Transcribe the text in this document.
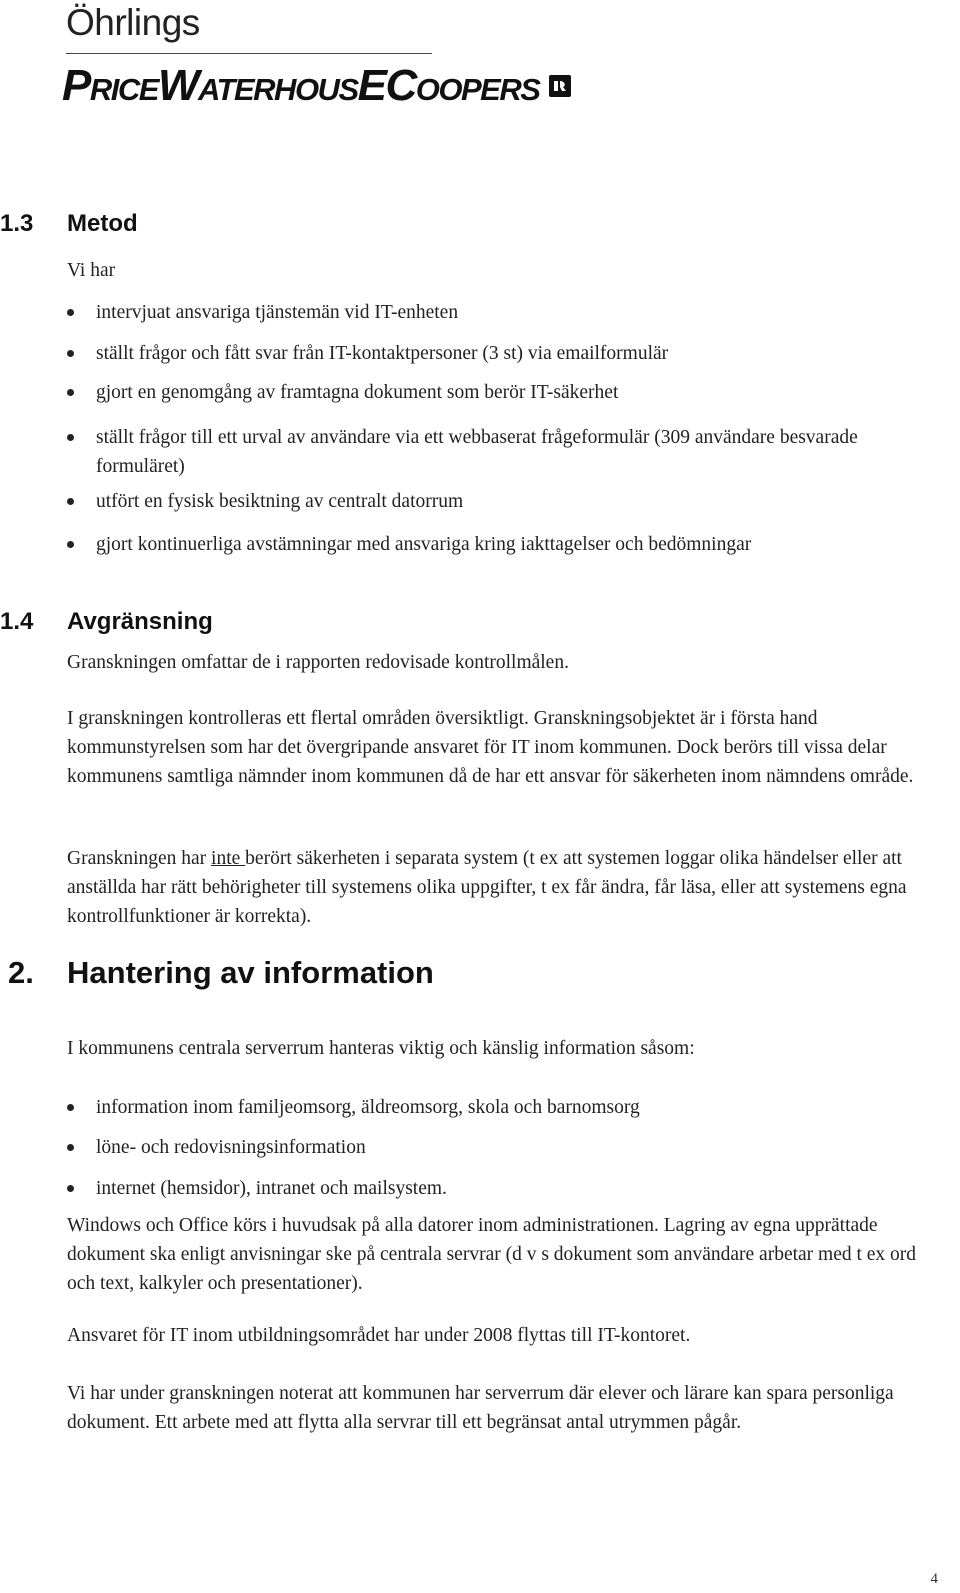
Öhrlings
PRICEWATERHOUSECOOPERS
1.3 Metod

Vi har

intervjuat ansvariga tjänstemän vid IT-enheten
ställt frågor och fått svar från IT-kontaktpersoner (3 st) via emailformulär
gjort en genomgång av framtagna dokument som berör IT-säkerhet
ställt frågor till ett urval av användare via ett webbaserat frågeformulär (309 användare besvarade formuläret)
utfört en fysisk besiktning av centralt datorrum
gjort kontinuerliga avstämningar med ansvariga kring iakttagelser och bedömningar
1.4 Avgränsning

Granskningen omfattar de i rapporten redovisade kontrollmålen.

I granskningen kontrolleras ett flertal områden översiktligt. Granskningsobjektet är i första hand kommunstyrelsen som har det övergripande ansvaret för IT inom kommunen. Dock berörs till vissa delar kommunens samtliga nämnder inom kommunen då de har ett ansvar för säkerheten inom nämndens område.

Granskningen har inte berört säkerheten i separata system (t ex att systemen loggar olika händelser eller att anställda har rätt behörigheter till systemens olika uppgifter, t ex får ändra, får läsa, eller att systemens egna kontrollfunktioner är korrekta).

2. Hantering av information

I kommunens centrala serverrum hanteras viktig och känslig information såsom:

information inom familjeomsorg, äldreomsorg, skola och barnomsorg
löne- och redovisningsinformation
internet (hemsidor), intranet och mailsystem.

Windows och Office körs i huvudsak på alla datorer inom administrationen. Lagring av egna upprättade dokument ska enligt anvisningar ske på centrala servrar (d v s dokument som användare arbetar med t ex ord och text, kalkyler och presentationer).

Ansvaret för IT inom utbildningsområdet har under 2008 flyttas till IT-kontoret.

Vi har under granskningen noterat att kommunen har serverrum där elever och lärare kan spara personliga dokument. Ett arbete med att flytta alla servrar till ett begränsat antal utrymmen pågår.

4
